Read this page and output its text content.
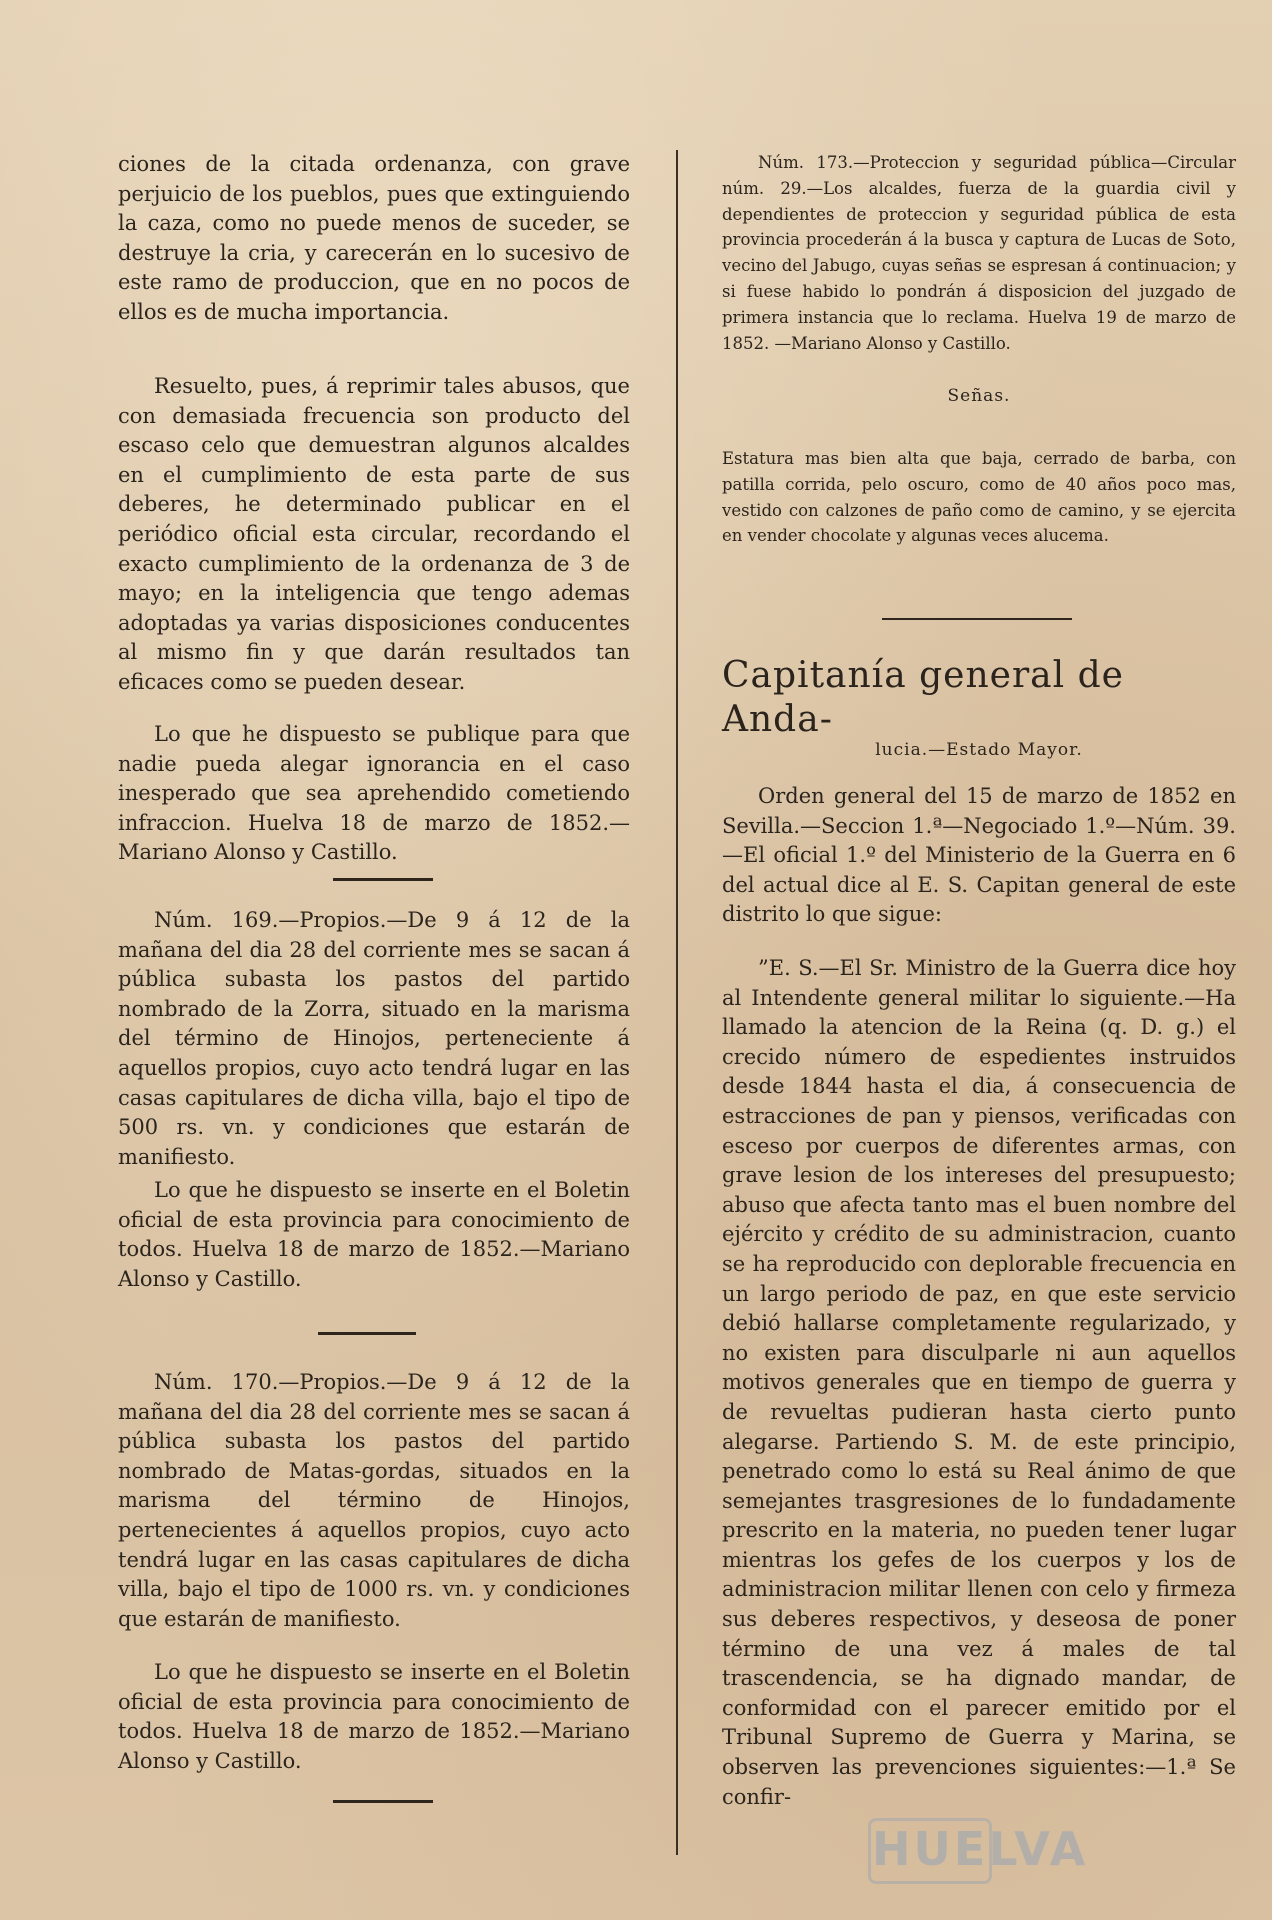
ciones de la citada ordenanza, con grave perjuicio de los pueblos, pues que extinguiendo la caza, como no puede menos de suceder, se destruye la cria, y carecerán en lo sucesivo de este ramo de produccion, que en no pocos de ellos es de mucha importancia.

Resuelto, pues, á reprimir tales abusos, que con demasiada frecuencia son producto del escaso celo que demuestran algunos alcaldes en el cumplimiento de esta parte de sus deberes, he determinado publicar en el periódico oficial esta circular, recordando el exacto cumplimiento de la ordenanza de 3 de mayo; en la inteligencia que tengo ademas adoptadas ya varias disposiciones conducentes al mismo fin y que darán resultados tan eficaces como se pueden desear.

Lo que he dispuesto se publique para que nadie pueda alegar ignorancia en el caso inesperado que sea aprehendido cometiendo infraccion. Huelva 18 de marzo de 1852.—Mariano Alonso y Castillo.

Núm. 169.—Propios.—De 9 á 12 de la mañana del dia 28 del corriente mes se sacan á pública subasta los pastos del partido nombrado de la Zorra, situado en la marisma del término de Hinojos, perteneciente á aquellos propios, cuyo acto tendrá lugar en las casas capitulares de dicha villa, bajo el tipo de 500 rs. vn. y condiciones que estarán de manifiesto.

Lo que he dispuesto se inserte en el Boletin oficial de esta provincia para conocimiento de todos. Huelva 18 de marzo de 1852.—Mariano Alonso y Castillo.

Núm. 170.—Propios.—De 9 á 12 de la mañana del dia 28 del corriente mes se sacan á pública subasta los pastos del partido nombrado de Matas-gordas, situados en la marisma del término de Hinojos, pertenecientes á aquellos propios, cuyo acto tendrá lugar en las casas capitulares de dicha villa, bajo el tipo de 1000 rs. vn. y condiciones que estarán de manifiesto.

Lo que he dispuesto se inserte en el Boletin oficial de esta provincia para conocimiento de todos. Huelva 18 de marzo de 1852.—Mariano Alonso y Castillo.

Núm. 173.—Proteccion y seguridad pública—Circular núm. 29.—Los alcaldes, fuerza de la guardia civil y dependientes de proteccion y seguridad pública de esta provincia procederán á la busca y captura de Lucas de Soto, vecino del Jabugo, cuyas señas se espresan á continuacion; y si fuese habido lo pondrán á disposicion del juzgado de primera instancia que lo reclama. Huelva 19 de marzo de 1852. —Mariano Alonso y Castillo.

Señas.

Estatura mas bien alta que baja, cerrado de barba, con patilla corrida, pelo oscuro, como de 40 años poco mas, vestido con calzones de paño como de camino, y se ejercita en vender chocolate y algunas veces alucema.

Capitanía general de Anda-
lucia.—Estado Mayor.

Orden general del 15 de marzo de 1852 en Sevilla.—Seccion 1.ª—Negociado 1.º—Núm. 39.—El oficial 1.º del Ministerio de la Guerra en 6 del actual dice al E. S. Capitan general de este distrito lo que sigue:

”E. S.—El Sr. Ministro de la Guerra dice hoy al Intendente general militar lo siguiente.—Ha llamado la atencion de la Reina (q. D. g.) el crecido número de espedientes instruidos desde 1844 hasta el dia, á consecuencia de estracciones de pan y piensos, verificadas con esceso por cuerpos de diferentes armas, con grave lesion de los intereses del presupuesto; abuso que afecta tanto mas el buen nombre del ejército y crédito de su administracion, cuanto se ha reproducido con deplorable frecuencia en un largo periodo de paz, en que este servicio debió hallarse completamente regularizado, y no existen para disculparle ni aun aquellos motivos generales que en tiempo de guerra y de revueltas pudieran hasta cierto punto alegarse. Partiendo S. M. de este principio, penetrado como lo está su Real ánimo de que semejantes trasgresiones de lo fundadamente prescrito en la materia, no pueden tener lugar mientras los gefes de los cuerpos y los de administracion militar llenen con celo y firmeza sus deberes respectivos, y deseosa de poner término de una vez á males de tal trascendencia, se ha dignado mandar, de conformidad con el parecer emitido por el Tribunal Supremo de Guerra y Marina, se observen las prevenciones siguientes:—1.ª Se confir-

HUELVA
